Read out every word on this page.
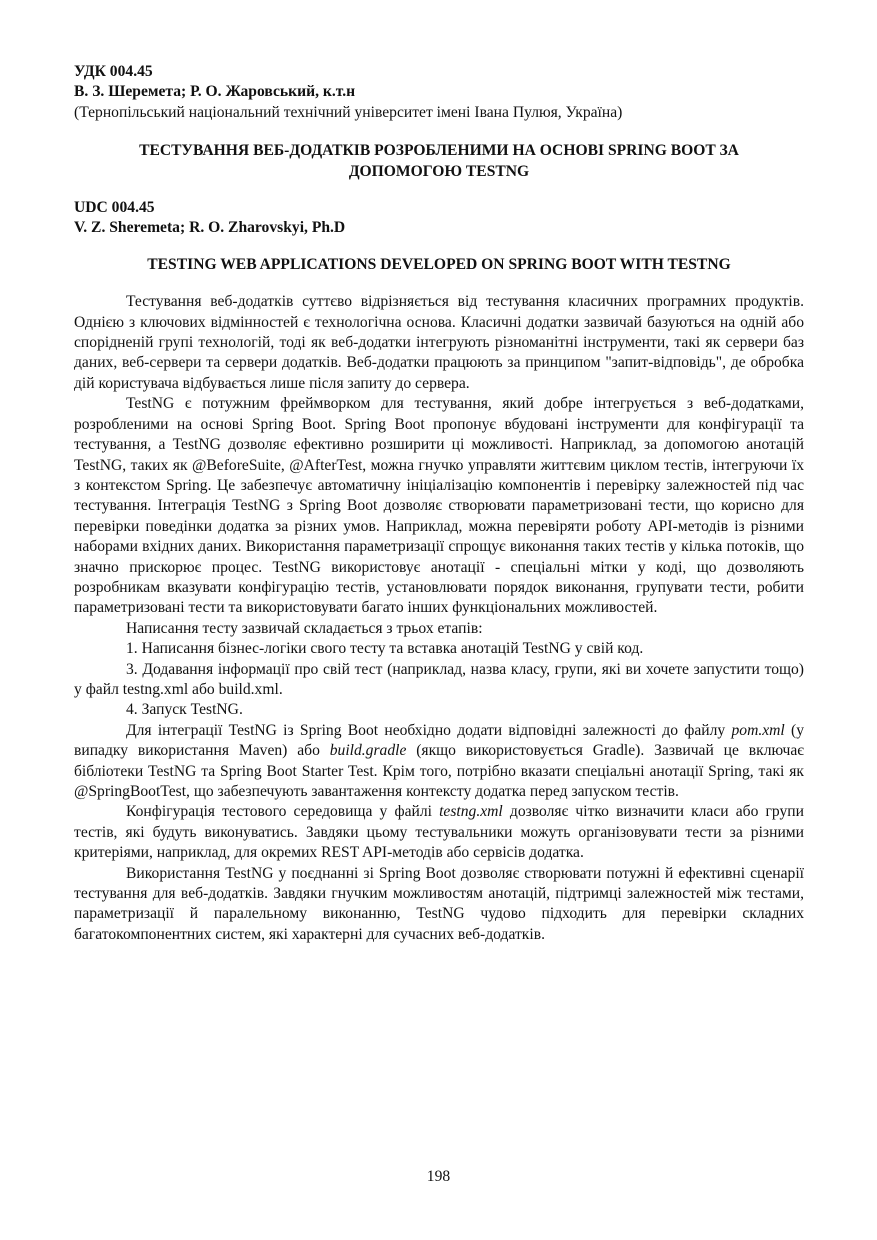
УДК 004.45
В. З. Шеремета; Р. О. Жаровський, к.т.н
(Тернопільський національний технічний університет імені Івана Пулюя, Україна)
ТЕСТУВАННЯ ВЕБ-ДОДАТКІВ РОЗРОБЛЕНИМИ НА ОСНОВІ SPRING BOOT ЗА ДОПОМОГОЮ TESTNG
UDC 004.45
V. Z. Sheremeta; R. O. Zharovskyi, Ph.D
TESTING WEB APPLICATIONS DEVELOPED ON SPRING BOOT WITH TESTNG

Тестування веб-додатків суттєво відрізняється від тестування класичних програмних продуктів. Однією з ключових відмінностей є технологічна основа. Класичні додатки зазвичай базуються на одній або спорідненій групі технологій, тоді як веб-додатки інтегрують різноманітні інструменти, такі як сервери баз даних, веб-сервери та сервери додатків. Веб-додатки працюють за принципом "запит-відповідь", де обробка дій користувача відбувається лише після запиту до сервера.

TestNG є потужним фреймворком для тестування, який добре інтегрується з веб-додатками, розробленими на основі Spring Boot. Spring Boot пропонує вбудовані інструменти для конфігурації та тестування, а TestNG дозволяє ефективно розширити ці можливості. Наприклад, за допомогою анотацій TestNG, таких як @BeforeSuite, @AfterTest, можна гнучко управляти життєвим циклом тестів, інтегруючи їх з контекстом Spring. Це забезпечує автоматичну ініціалізацію компонентів і перевірку залежностей під час тестування. Інтеграція TestNG з Spring Boot дозволяє створювати параметризовані тести, що корисно для перевірки поведінки додатка за різних умов. Наприклад, можна перевіряти роботу API-методів із різними наборами вхідних даних. Використання параметризації спрощує виконання таких тестів у кілька потоків, що значно прискорює процес. TestNG використовує анотації - спеціальні мітки у коді, що дозволяють розробникам вказувати конфігурацію тестів, установлювати порядок виконання, групувати тести, робити параметризовані тести та використовувати багато інших функціональних можливостей.

Написання тесту зазвичай складається з трьох етапів:

1. Написання бізнес-логіки свого тесту та вставка анотацій TestNG у свій код.

3. Додавання інформації про свій тест (наприклад, назва класу, групи, які ви хочете запустити тощо) у файл testng.xml або build.xml.

4. Запуск TestNG.

Для інтеграції TestNG із Spring Boot необхідно додати відповідні залежності до файлу pom.xml (у випадку використання Maven) або build.gradle (якщо використовується Gradle). Зазвичай це включає бібліотеки TestNG та Spring Boot Starter Test. Крім того, потрібно вказати спеціальні анотації Spring, такі як @SpringBootTest, що забезпечують завантаження контексту додатка перед запуском тестів.

Конфігурація тестового середовища у файлі testng.xml дозволяє чітко визначити класи або групи тестів, які будуть виконуватись. Завдяки цьому тестувальники можуть організовувати тести за різними критеріями, наприклад, для окремих REST API-методів або сервісів додатка.

Використання TestNG у поєднанні зі Spring Boot дозволяє створювати потужні й ефективні сценарії тестування для веб-додатків. Завдяки гнучким можливостям анотацій, підтримці залежностей між тестами, параметризації й паралельному виконанню, TestNG чудово підходить для перевірки складних багатокомпонентних систем, які характерні для сучасних веб-додатків.

198
